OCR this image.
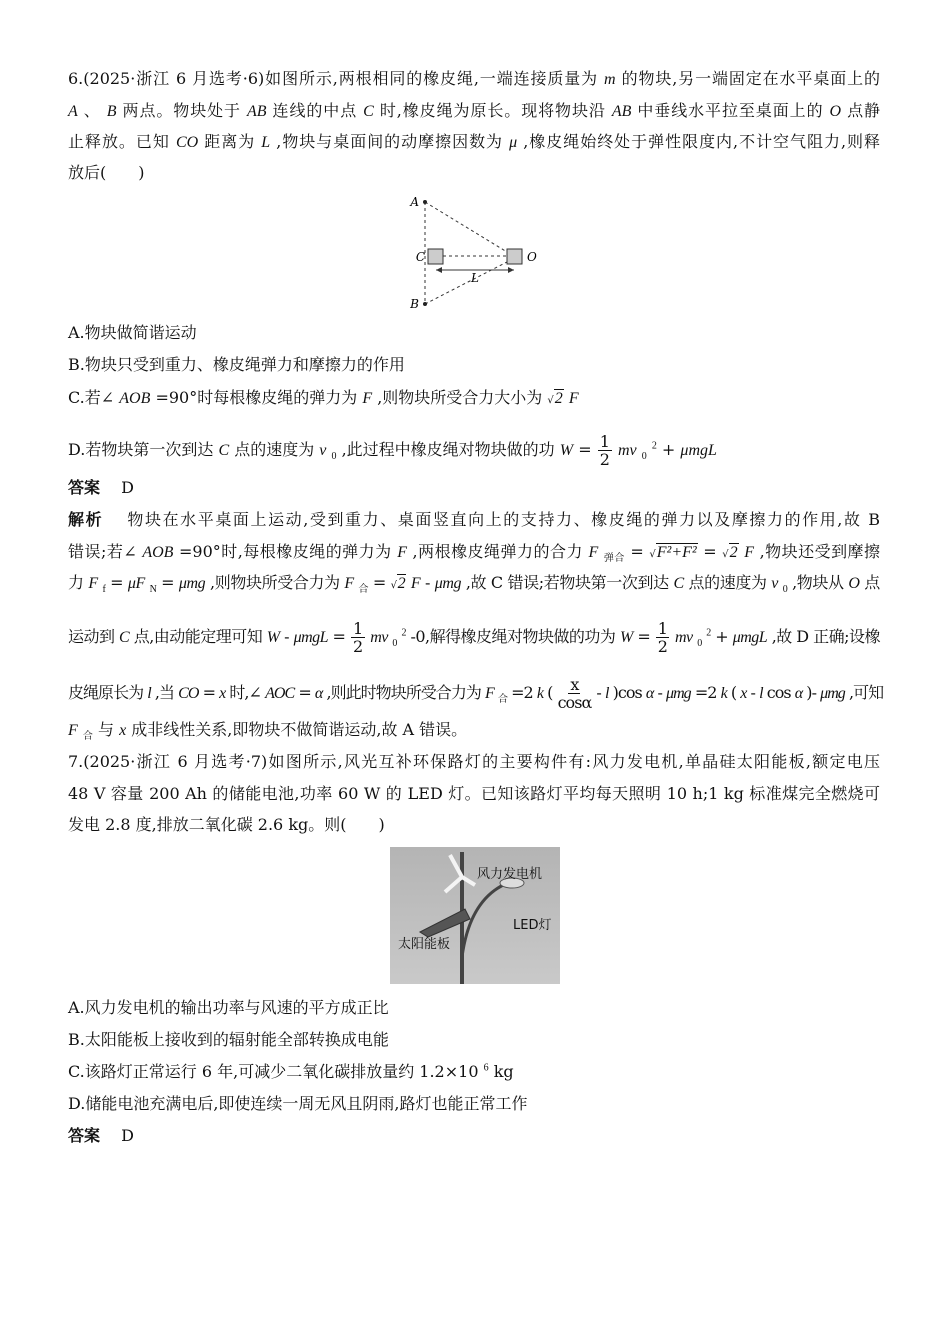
6.(2025·浙江 6 月选考·6)如图所示,两根相同的橡皮绳,一端连接质量为 m 的物块,另一端固定在水平桌面上的
A 、 B 两点。物块处于 AB 连线的中点 C 时,橡皮绳为原长。现将物块沿 AB 中垂线水平拉至桌面上的 O 点静
止释放。已知 CO 距离为 L ,物块与桌面间的动摩擦因数为 μ ,橡皮绳始终处于弹性限度内,不计空气阻力,则释
放后(　　)
A.物块做简谐运动
B.物块只受到重力、橡皮绳弹力和摩擦力的作用
C.若∠ AOB =90°时每根橡皮绳的弹力为 F ,则物块所受合力大小为 √2 F
D.若物块第一次到达 C 点的速度为 v $_0$ ,此过程中橡皮绳对物块做的功 $W = \frac{1}{2}$ mv $_0$ $^2$ + μmgL
答案 　D
解析 　物块在水平桌面上运动,受到重力、桌面竖直向上的支持力、橡皮绳的弹力以及摩擦力的作用,故 B
错误;若∠ AOB =90°时,每根橡皮绳的弹力为 F ,两根橡皮绳弹力的合力 F $_{弹合}$ = √F²+F² = √2 F ,物块还受到摩擦
力 F $_f$ = μF $_N$ = μmg ,则物块所受合力为 F $_合$ = √2 F - μmg ,故 C 错误;若物块第一次到达 C 点的速度为 v $_0$ ,物块从 O 点
运动到 C 点,由动能定理可知 $W - \mu mgL = \frac{1}{2}$ mv $_0$ $^2$ -0,解得橡皮绳对物块做的功为 $W = \frac{1}{2}$ mv $_0$ $^2$ + μmgL ,故 D 正确;设橡
皮绳原长为 l ,当 CO = x 时,∠ AOC = α ,则此时物块所受合力为 F $_合$ =2 k ( $\frac{x}{\cos\alpha}$ - l )cos α - μmg =2 k ( x - l cos α )- μmg ,可知
F $_合$ 与 x 成非线性关系,即物块不做简谐运动,故 A 错误。
7.(2025·浙江 6 月选考·7)如图所示,风光互补环保路灯的主要构件有:风力发电机,单晶硅太阳能板,额定电压
48 V 容量 200 Ah 的储能电池,功率 60 W 的 LED 灯。已知该路灯平均每天照明 10 h;1 kg 标准煤完全燃烧可
发电 2.8 度,排放二氧化碳 2.6 kg。则(　　)
A.风力发电机的输出功率与风速的平方成正比
B.太阳能板上接收到的辐射能全部转换成电能
C.该路灯正常运行 6 年,可减少二氧化碳排放量约 1.2×10 $^6$ kg
D.储能电池充满电后,即使连续一周无风且阴雨,路灯也能正常工作
答案 　D
A
B
C	O
L
风力发电机
LED灯
太阳能板
